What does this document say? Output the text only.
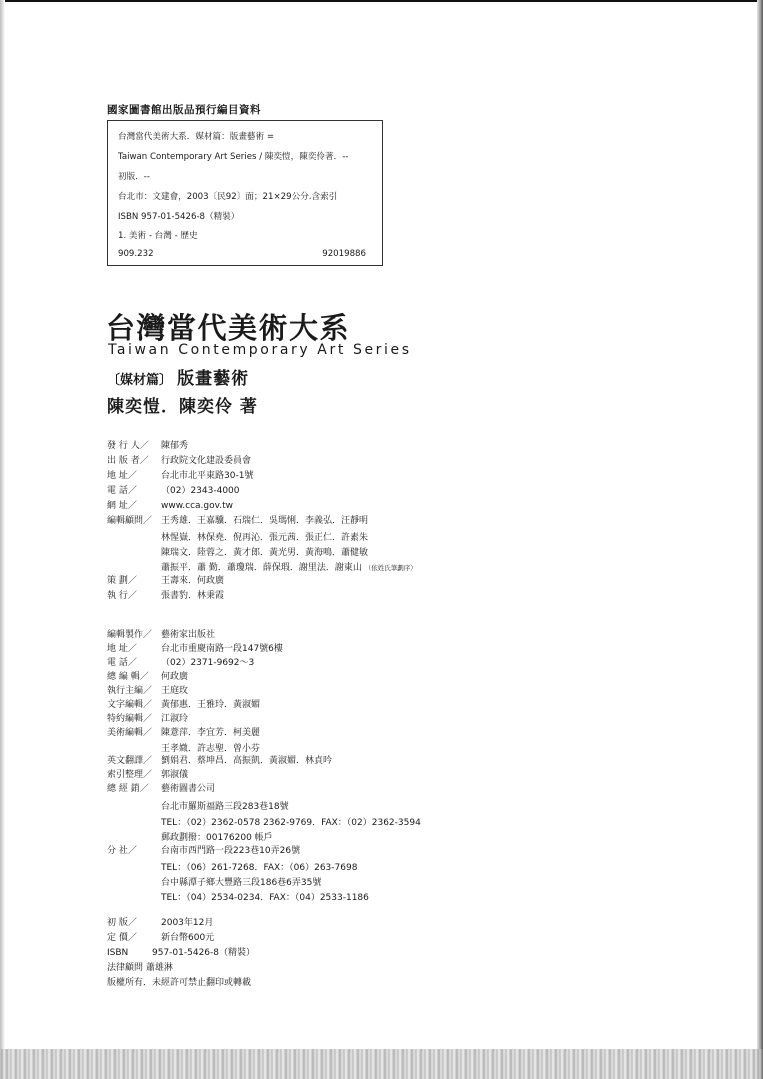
國家圖書館出版品預行編目資料
台灣當代美術大系．媒材篇：版畫藝術 =
Taiwan Contemporary Art Series / 陳奕愷，陳奕伶著．--
初版．--
台北市：文建會，2003〔民92〕面；21×29公分.含索引
ISBN 957-01-5426-8（精裝）
1. 美術 - 台灣 - 歷史
909.232	92019886
台灣當代美術大系
Taiwan Contemporary Art Series
〔媒材篇〕 版畫藝術
陳奕愷．陳奕伶 著
發 行 人／ 陳郁秀
出 版 者／ 行政院文化建設委員會
地 址／	台北市北平東路30-1號
電 話／	（02）2343-4000
網 址／	www.cca.gov.tw
編輯顧問／ 王秀雄．王嘉驥．石瑞仁．吳瑪悧．李義弘．汪靜明
林惺嶽．林保堯．倪再沁．張元茜．張正仁．許素朱
陳瑞文．陸蓉之．黃才郎．黃光男．黃海鳴．蕭健敏
蕭振平．蕭 勤．蕭瓊瑞．薛保瑕．謝里法．謝東山 （依姓氏筆劃序）
策 劃／	王壽來．何政廣
執 行／	張書豹．林秉霞
編輯製作／ 藝術家出版社
地 址／	台北市重慶南路一段147號6樓
電 話／	（02）2371-9692～3
總 編 輯／ 何政廣
執行主編／ 王庭玫
文字編輯／ 黃郁惠．王雅玲．黃淑媚
特約編輯／ 江淑玲
美術編輯／ 陳薏萍．李宜芳．柯美麗
王孝媺．許志聖．曾小芬
英文翻譯／ 劉娟君．蔡坤昌．高振凱．黃淑媚．林貞吟
索引整理／ 郭淑儀
總 經 銷／ 藝術圖書公司
台北市羅斯福路三段283巷18號
TEL：（02）2362-0578 2362-9769．FAX：（02）2362-3594
郵政劃撥：00176200 帳戶
分 社／	台南市西門路一段223巷10弄26號
TEL：（06）261-7268．FAX：（06）263-7698
台中縣潭子鄉大豐路三段186巷6弄35號
TEL：（04）2534-0234．FAX：（04）2533-1186
初 版／	2003年12月
定 價／	新台幣600元
ISBN	957-01-5426-8（精裝）
法律顧問 蕭雄淋
版權所有．未經許可禁止翻印或轉載
